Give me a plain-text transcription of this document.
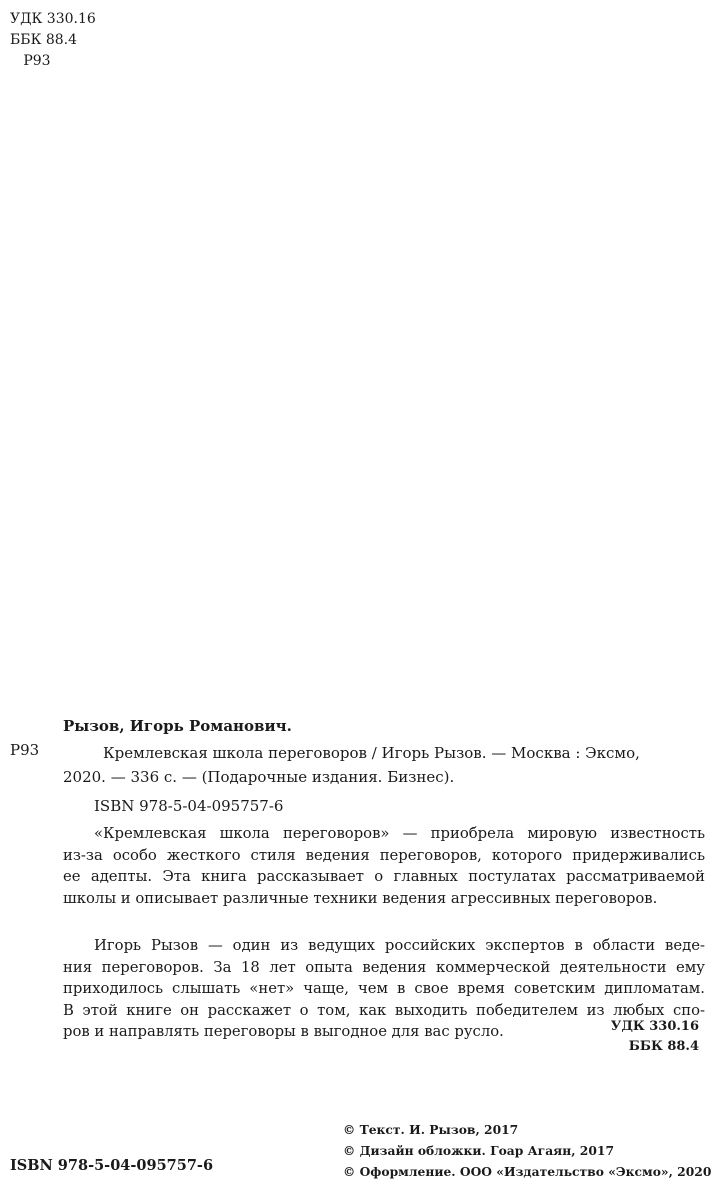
УДК 330.16
ББК 88.4
Р93
Рызов, Игорь Романович.
Р93	Кремлевская школа переговоров / Игорь Рызов. — Москва : Эксмо,
2020. — 336 с. — (Подарочные издания. Бизнес).
ISBN 978-5-04-095757-6
«Кремлевская школа переговоров» — приобрела мировую известность
из-за особо жесткого стиля ведения переговоров, которого придерживались
ее адепты. Эта книга рассказывает о главных постулатах рассматриваемой
школы и описывает различные техники ведения агрессивных переговоров.
Игорь Рызов — один из ведущих российских экспертов в области веде-
ния переговоров. За 18 лет опыта ведения коммерческой деятельности ему
приходилось слышать «нет» чаще, чем в свое время советским дипломатам.
В этой книге он расскажет о том, как выходить победителем из любых спо-
ров и направлять переговоры в выгодное для вас русло.	УДК 330.16
ББК 88.4
© Текст. И. Рызов, 2017
© Дизайн обложки. Гоар Агаян, 2017
© Оформление. ООО «Издательство «Эксмо», 2020
ISBN 978-5-04-095757-6
